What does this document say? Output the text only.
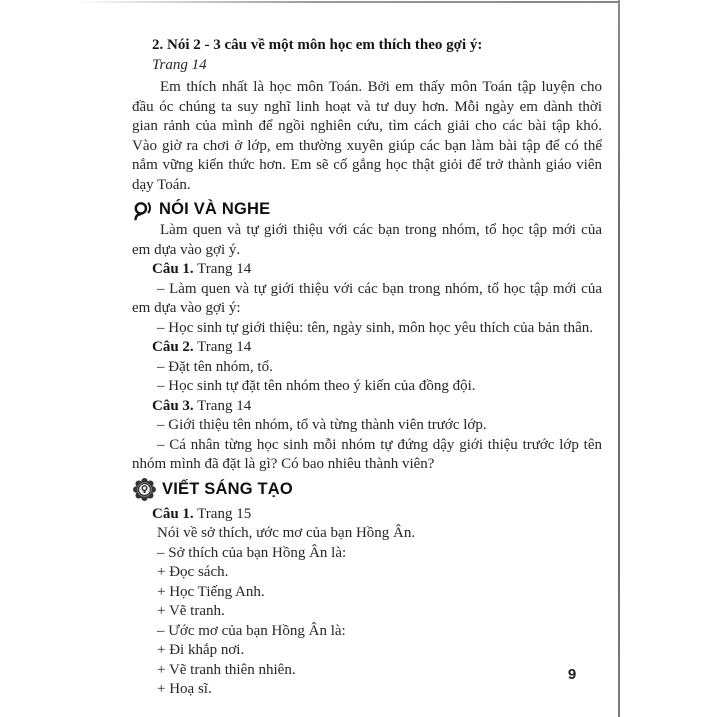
2. Nói 2 - 3 câu về một môn học em thích theo gợi ý:
Trang 14
Em thích nhất là học môn Toán. Bởi em thấy môn Toán tập luyện cho đầu óc chúng ta suy nghĩ linh hoạt và tư duy hơn. Mỗi ngày em dành thời gian rảnh của mình để ngồi nghiên cứu, tìm cách giải cho các bài tập khó. Vào giờ ra chơi ở lớp, em thường xuyên giúp các bạn làm bài tập để có thể nắm vững kiến thức hơn. Em sẽ cố gắng học thật giỏi để trở thành giáo viên dạy Toán.
NÓI VÀ NGHE
Làm quen và tự giới thiệu với các bạn trong nhóm, tổ học tập mới của em dựa vào gợi ý.
Câu 1. Trang 14
– Làm quen và tự giới thiệu với các bạn trong nhóm, tổ học tập mới của em dựa vào gợi ý:
– Học sinh tự giới thiệu: tên, ngày sinh, môn học yêu thích của bản thân.
Câu 2. Trang 14
– Đặt tên nhóm, tổ.
– Học sinh tự đặt tên nhóm theo ý kiến của đồng đội.
Câu 3. Trang 14
– Giới thiệu tên nhóm, tổ và từng thành viên trước lớp.
– Cá nhân từng học sinh mỗi nhóm tự đứng dậy giới thiệu trước lớp tên nhóm mình đã đặt là gì? Có bao nhiêu thành viên?
VIẾT SÁNG TẠO
Câu 1. Trang 15
Nói về sở thích, ước mơ của bạn Hồng Ân.
– Sở thích của bạn Hồng Ân là:
+ Đọc sách.
+ Học Tiếng Anh.
+ Vẽ tranh.
– Ước mơ của bạn Hồng Ân là:
+ Đi khắp nơi.
+ Vẽ tranh thiên nhiên.
+ Hoạ sĩ.
9
